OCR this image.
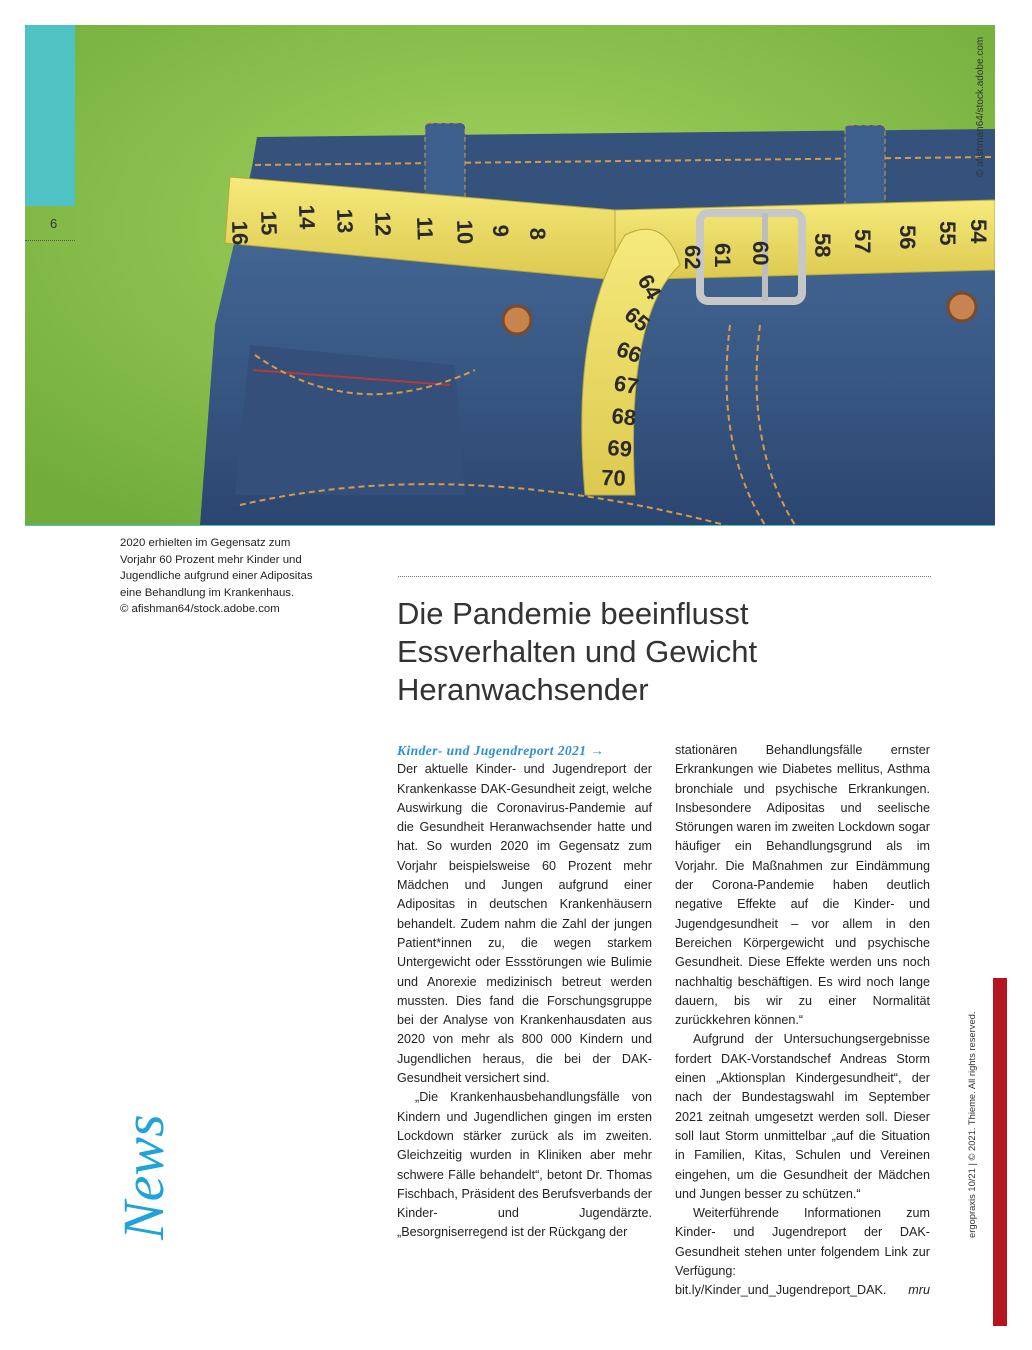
16 15 14 13 12 11 10 9 8
62 61 60 58 57 56 55 54
64
65
66
67
68
69
70
© afishman64/stock.adobe.com
6
2020 erhielten im Gegensatz zum
Vorjahr 60 Prozent mehr Kinder und
Jugendliche aufgrund einer Adipositas
eine Behandlung im Krankenhaus.
© afishman64/stock.adobe.com	Die Pandemie beeinflusst
Essverhalten und Gewicht
Heranwachsender
Kinder- und Jugendreport 2021 →

Der aktuelle Kinder- und Jugendreport der Krankenkasse DAK-Gesundheit zeigt, welche Auswirkung die Coronavirus-Pandemie auf die Gesundheit Heranwachsender hatte und hat. So wurden 2020 im Gegensatz zum Vorjahr beispielsweise 60 Prozent mehr Mädchen und Jungen aufgrund einer Adipositas in deutschen Krankenhäusern behandelt. Zudem nahm die Zahl der jungen Patient*innen zu, die wegen starkem Untergewicht oder Essstörungen wie Bulimie und Anorexie medizinisch betreut werden mussten. Dies fand die Forschungsgruppe bei der Analyse von Krankenhausdaten aus 2020 von mehr als 800 000 Kindern und Jugendlichen heraus, die bei der DAK-Gesundheit versichert sind.

„Die Krankenhausbehandlungsfälle von Kindern und Jugendlichen gingen im ersten Lockdown stärker zurück als im zweiten. Gleichzeitig wurden in Kliniken aber mehr schwere Fälle behandelt“, betont Dr. Thomas Fischbach, Präsident des Berufsverbands der Kinder- und Jugendärzte. „Besorgniserregend ist der Rückgang der

stationären Behandlungsfälle ernster Erkrankungen wie Diabetes mellitus, Asthma bronchiale und psychische Erkrankungen. Insbesondere Adipositas und seelische Störungen waren im zweiten Lockdown sogar häufiger ein Behandlungsgrund als im Vorjahr. Die Maßnahmen zur Eindämmung der Corona-Pandemie haben deutlich negative Effekte auf die Kinder- und Jugendgesundheit – vor allem in den Bereichen Körpergewicht und psychische Gesundheit. Diese Effekte werden uns noch nachhaltig beschäftigen. Es wird noch lange dauern, bis wir zu einer Normalität zurückkehren können.“

Aufgrund der Untersuchungsergebnisse fordert DAK-Vorstandschef Andreas Storm einen „Aktionsplan Kindergesundheit“, der nach der Bundestagswahl im September 2021 zeitnah umgesetzt werden soll. Dieser soll laut Storm unmittelbar „auf die Situation in Familien, Kitas, Schulen und Vereinen eingehen, um die Gesundheit der Mädchen und Jungen besser zu schützen.“

Weiterführende Informationen zum Kinder- und Jugendreport der DAK-Gesundheit stehen unter folgendem Link zur Verfügung:

bit.ly/Kinder_und_Jugendreport_DAK. mru
News	ergopraxis 10/21 | © 2021. Thieme. All rights reserved.
